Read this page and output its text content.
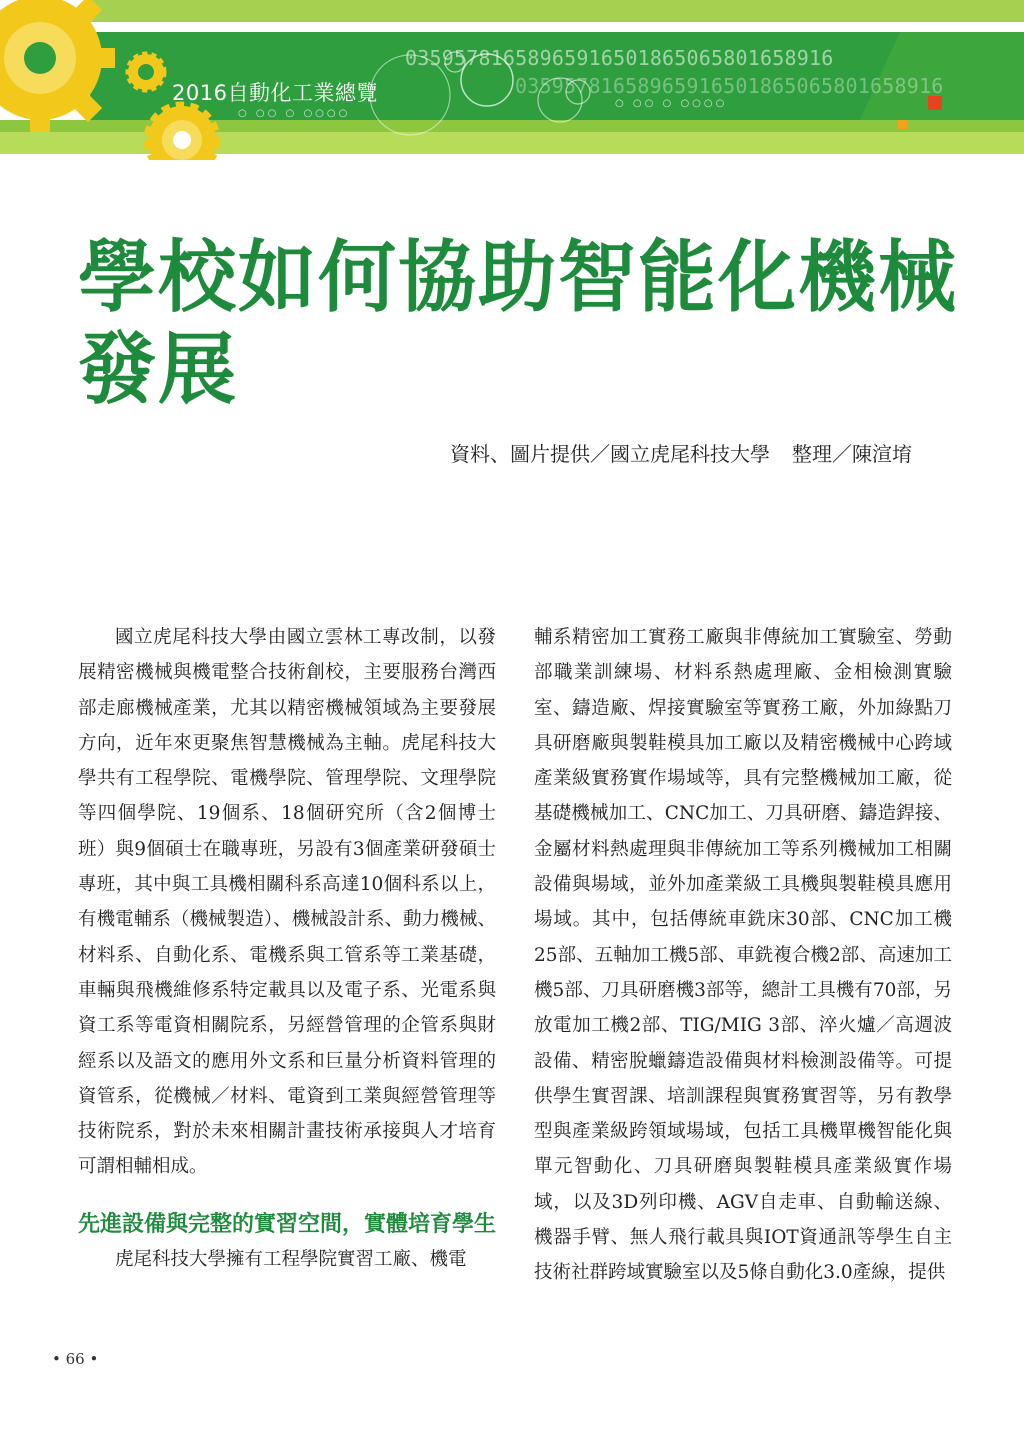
03595781658965916501865065801658916
03595781658965916501865065801658916
2016自動化工業總覽
○ ○○ ○ ○○○○
○ ○○ ○ ○○○○
學校如何協助智能化機械
發展
資料、圖片提供／國立虎尾科技大學 整理／陳渲堉

國立虎尾科技大學由國立雲林工專改制，以發展精密機械與機電整合技術創校，主要服務台灣西部走廊機械產業，尤其以精密機械領域為主要發展方向，近年來更聚焦智慧機械為主軸。虎尾科技大學共有工程學院、電機學院、管理學院、文理學院等四個學院、19個系、18個研究所（含2個博士班）與9個碩士在職專班，另設有3個產業研發碩士專班，其中與工具機相關科系高達10個科系以上，有機電輔系（機械製造）、機械設計系、動力機械、材料系、自動化系、電機系與工管系等工業基礎，車輛與飛機維修系特定載具以及電子系、光電系與資工系等電資相關院系，另經營管理的企管系與財經系以及語文的應用外文系和巨量分析資料管理的資管系，從機械／材料、電資到工業與經營管理等技術院系，對於未來相關計畫技術承接與人才培育可謂相輔相成。

先進設備與完整的實習空間，實體培育學生

虎尾科技大學擁有工程學院實習工廠、機電

輔系精密加工實務工廠與非傳統加工實驗室、勞動部職業訓練場、材料系熱處理廠、金相檢測實驗室、鑄造廠、焊接實驗室等實務工廠，外加綠點刀具研磨廠與製鞋模具加工廠以及精密機械中心跨域產業級實務實作場域等，具有完整機械加工廠，從基礎機械加工、CNC加工、刀具研磨、鑄造銲接、金屬材料熱處理與非傳統加工等系列機械加工相關設備與場域，並外加產業級工具機與製鞋模具應用場域。其中，包括傳統車銑床30部、CNC加工機25部、五軸加工機5部、車銑複合機2部、高速加工機5部、刀具研磨機3部等，總計工具機有70部，另放電加工機2部、TIG/MIG 3部、淬火爐／高週波設備、精密脫蠟鑄造設備與材料檢測設備等。可提供學生實習課、培訓課程與實務實習等，另有教學型與產業級跨領域場域，包括工具機單機智能化與單元智動化、刀具研磨與製鞋模具產業級實作場域，以及3D列印機、AGV自走車、自動輸送線、機器手臂、無人飛行載具與IOT資通訊等學生自主技術社群跨域實驗室以及5條自動化3.0產線，提供

• 66 •
